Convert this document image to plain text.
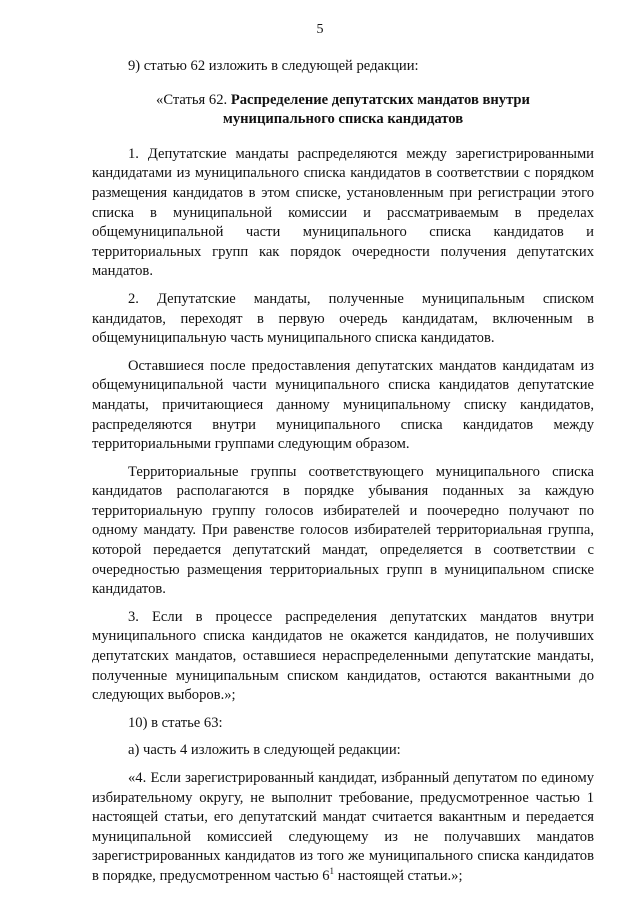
5

9) статью 62 изложить в следующей редакции:

«Статья 62. Распределение депутатских мандатов внутри
муниципального списка кандидатов

1. Депутатские мандаты распределяются между зарегистрированными кандидатами из муниципального списка кандидатов в соответствии с порядком размещения кандидатов в этом списке, установленным при регистрации этого списка в муниципальной комиссии и рассматриваемым в пределах общемуниципальной части муниципального списка кандидатов и территориальных групп как порядок очередности получения депутатских мандатов.

2. Депутатские мандаты, полученные муниципальным списком кандидатов, переходят в первую очередь кандидатам, включенным в общемуниципальную часть муниципального списка кандидатов.

Оставшиеся после предоставления депутатских мандатов кандидатам из общемуниципальной части муниципального списка кандидатов депутатские мандаты, причитающиеся данному муниципальному списку кандидатов, распределяются внутри муниципального списка кандидатов между территориальными группами следующим образом.

Территориальные группы соответствующего муниципального списка кандидатов располагаются в порядке убывания поданных за каждую территориальную группу голосов избирателей и поочередно получают по одному мандату. При равенстве голосов избирателей территориальная группа, которой передается депутатский мандат, определяется в соответствии с очередностью размещения территориальных групп в муниципальном списке кандидатов.

3. Если в процессе распределения депутатских мандатов внутри муниципального списка кандидатов не окажется кандидатов, не получивших депутатских мандатов, оставшиеся нераспределенными депутатские мандаты, полученные муниципальным списком кандидатов, остаются вакантными до следующих выборов.»;

10) в статье 63:

а) часть 4 изложить в следующей редакции:

«4. Если зарегистрированный кандидат, избранный депутатом по единому избирательному округу, не выполнит требование, предусмотренное частью 1 настоящей статьи, его депутатский мандат считается вакантным и передается муниципальной комиссией следующему из не получавших мандатов зарегистрированных кандидатов из того же муниципального списка кандидатов в порядке, предусмотренном частью $6^1$ настоящей статьи.»;
